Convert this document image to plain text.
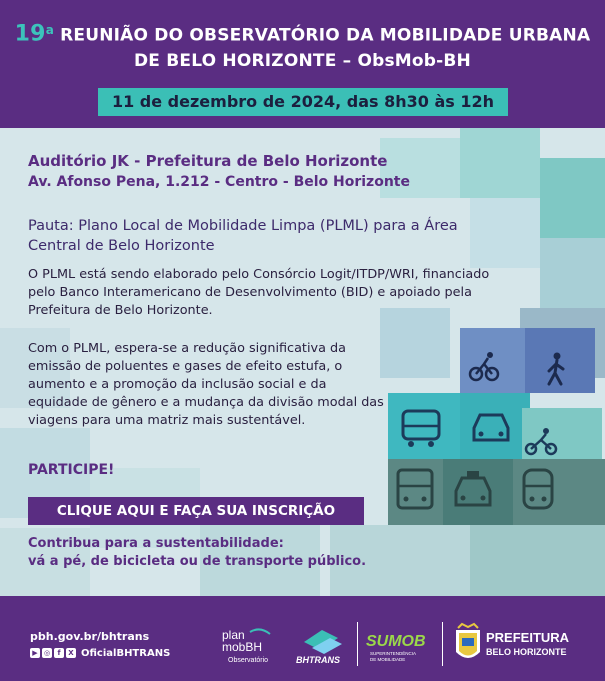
19$^a$ REUNIÃO DO OBSERVATÓRIO DA MOBILIDADE URBANA
DE BELO HORIZONTE – ObsMob-BH
11 de dezembro de 2024, das 8h30 às 12h
Auditório JK - Prefeitura de Belo Horizonte
Av. Afonso Pena, 1.212 - Centro - Belo Horizonte
Pauta: Plano Local de Mobilidade Limpa (PLML) para a Área Central de Belo Horizonte
O PLML está sendo elaborado pelo Consórcio Logit/ITDP/WRI, financiado pelo Banco Interamericano de Desenvolvimento (BID) e apoiado pela Prefeitura de Belo Horizonte.
Com o PLML, espera-se a redução significativa da emissão de poluentes e gases de efeito estufa, o aumento e a promoção da inclusão social e da equidade de gênero e a mudança da divisão modal das viagens para uma matriz mais sustentável.
PARTICIPE!
CLIQUE AQUI E FAÇA SUA INSCRIÇÃO
Contribua para a sustentabilidade:
vá a pé, de bicicleta ou de transporte público.
pbh.gov.br/bhtrans
▶ ◎	f	X OficialBHTRANS
plan
mobBH
Observatório	BHTRANS
SUMOB
SUPERINTENDÊNCIA
DE MOBILIDADE
PREFEITURA
BELO HORIZONTE
